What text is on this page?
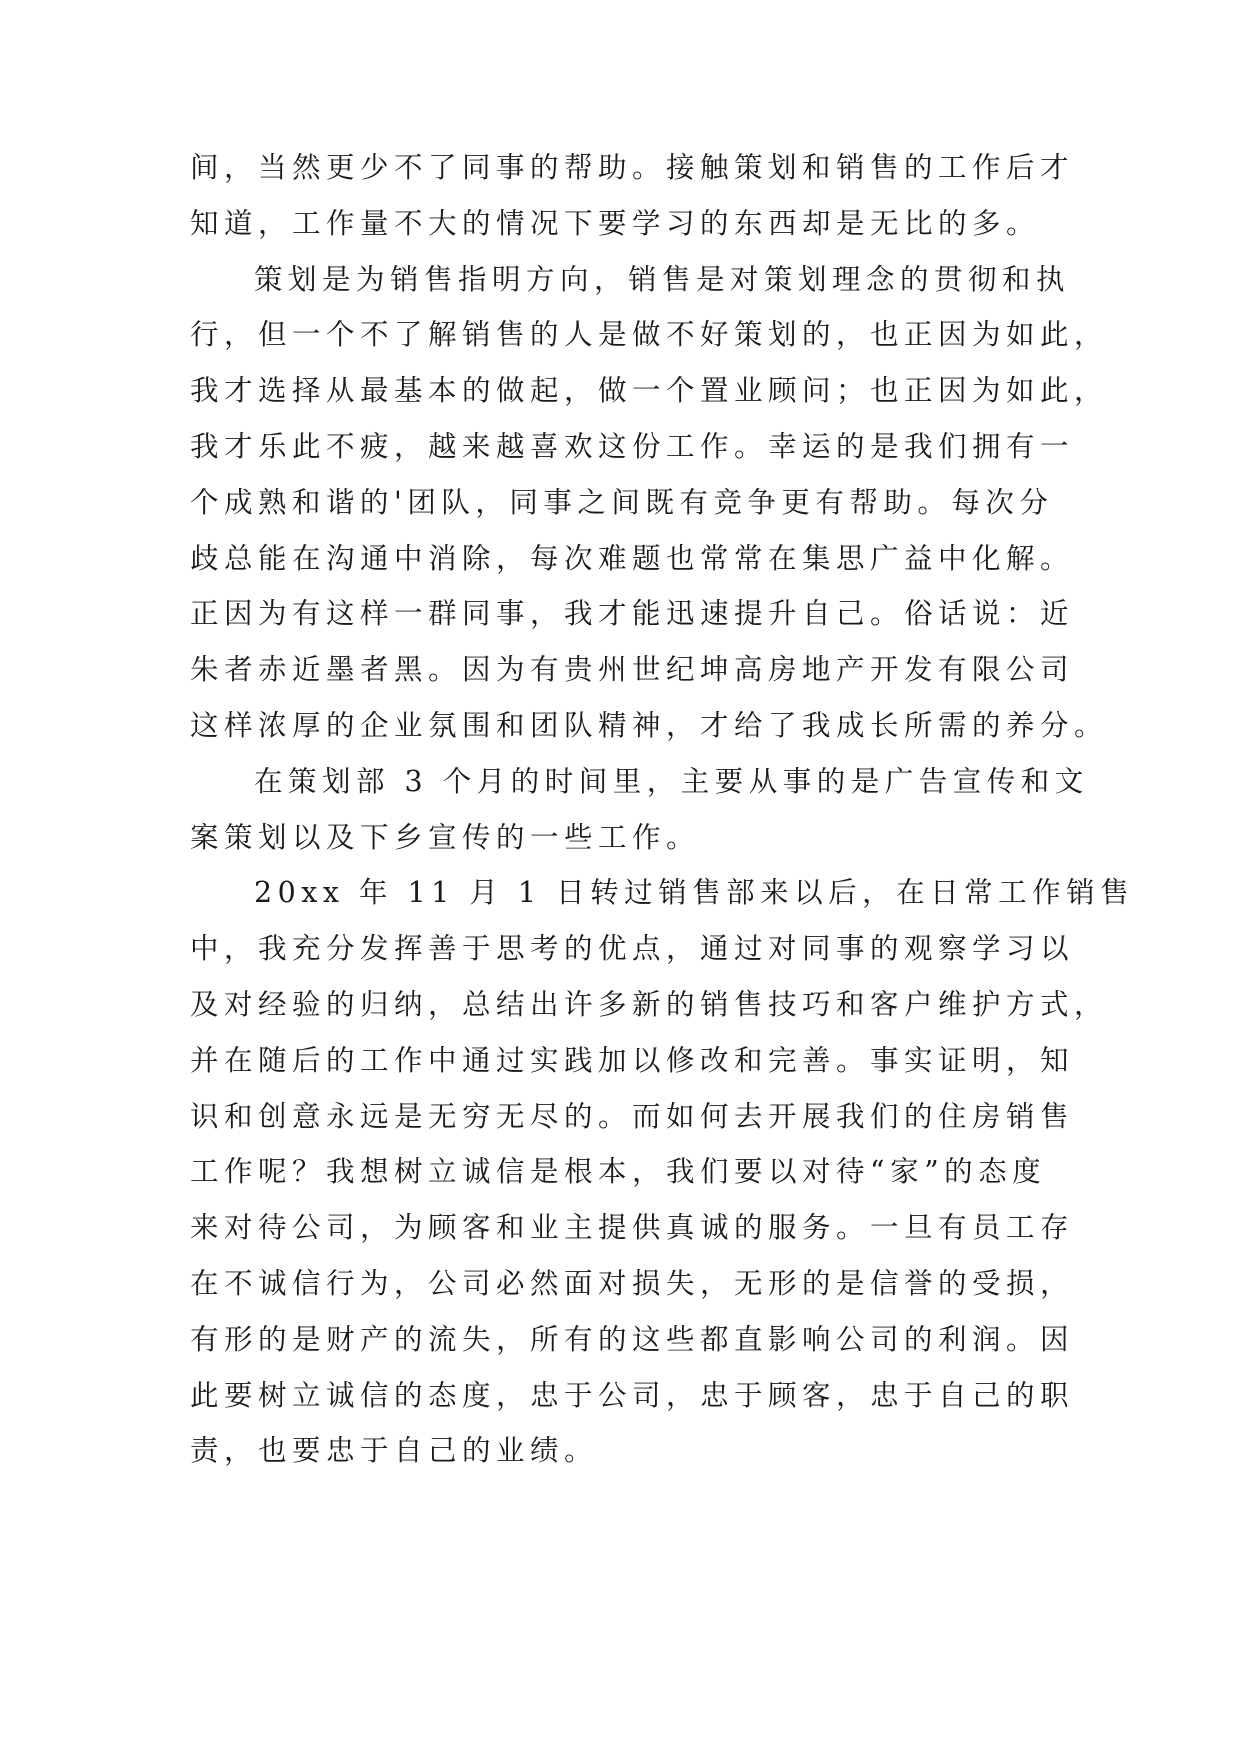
间，当然更少不了同事的帮助。接触策划和销售的工作后才
知道，工作量不大的情况下要学习的东西却是无比的多。
策划是为销售指明方向，销售是对策划理念的贯彻和执
行，但一个不了解销售的人是做不好策划的，也正因为如此，
我才选择从最基本的做起，做一个置业顾问；也正因为如此，
我才乐此不疲，越来越喜欢这份工作。幸运的是我们拥有一
个成熟和谐的'团队，同事之间既有竞争更有帮助。每次分
歧总能在沟通中消除，每次难题也常常在集思广益中化解。
正因为有这样一群同事，我才能迅速提升自己。俗话说：近
朱者赤近墨者黑。因为有贵州世纪坤高房地产开发有限公司
这样浓厚的企业氛围和团队精神，才给了我成长所需的养分。
在策划部 3 个月的时间里，主要从事的是广告宣传和文
案策划以及下乡宣传的一些工作。
20xx 年 11 月 1 日转过销售部来以后，在日常工作销售
中，我充分发挥善于思考的优点，通过对同事的观察学习以
及对经验的归纳，总结出许多新的销售技巧和客户维护方式，
并在随后的工作中通过实践加以修改和完善。事实证明，知
识和创意永远是无穷无尽的。而如何去开展我们的住房销售
工作呢？我想树立诚信是根本，我们要以对待“家”的态度
来对待公司，为顾客和业主提供真诚的服务。一旦有员工存
在不诚信行为，公司必然面对损失，无形的是信誉的受损，
有形的是财产的流失，所有的这些都直影响公司的利润。因
此要树立诚信的态度，忠于公司，忠于顾客，忠于自己的职
责，也要忠于自己的业绩。
